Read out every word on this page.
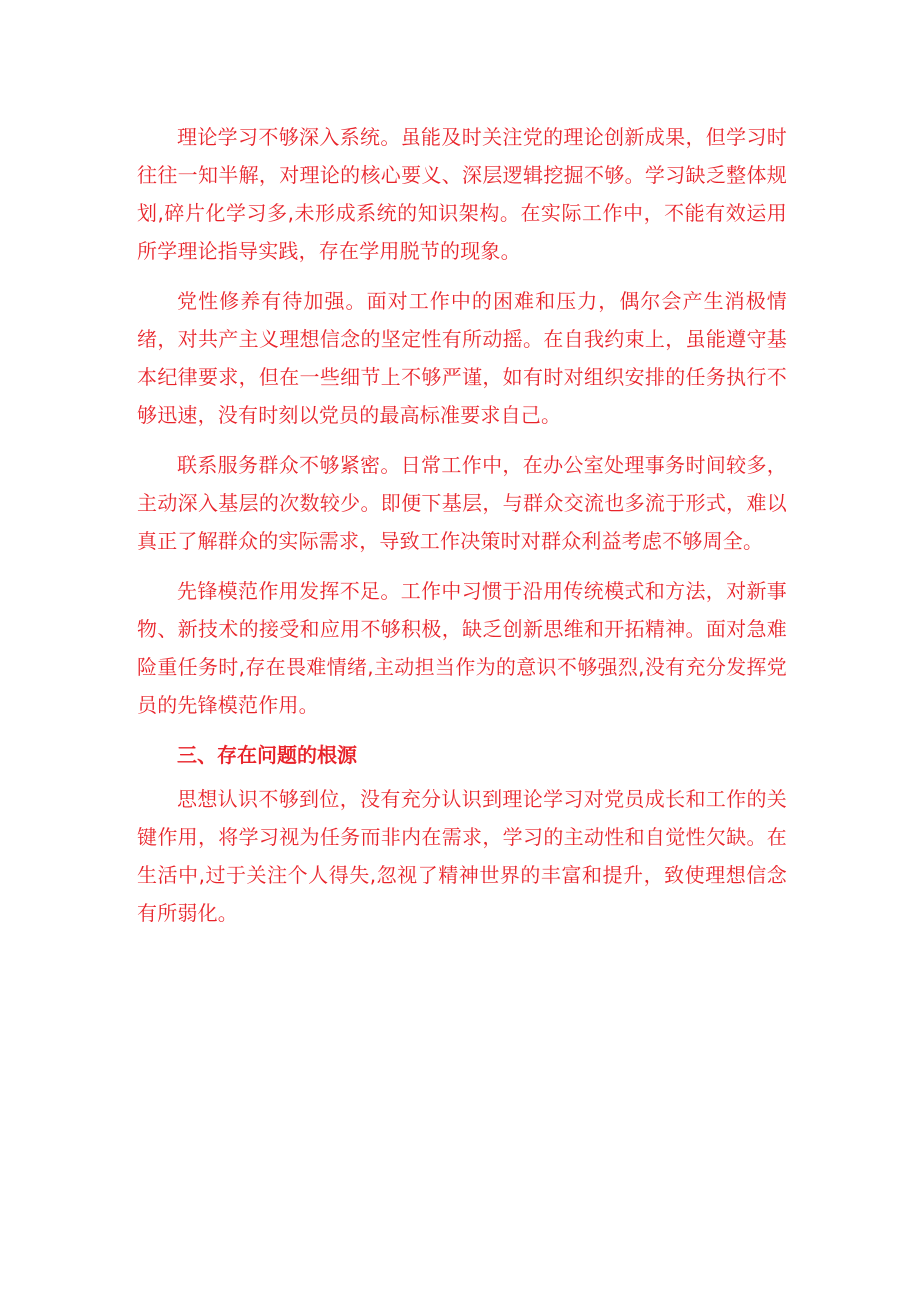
理论学习不够深入系统。虽能及时关注党的理论创新成果，但学习时往往一知半解，对理论的核心要义、深层逻辑挖掘不够。学习缺乏整体规划,碎片化学习多,未形成系统的知识架构。在实际工作中，不能有效运用所学理论指导实践，存在学用脱节的现象。

党性修养有待加强。面对工作中的困难和压力，偶尔会产生消极情绪，对共产主义理想信念的坚定性有所动摇。在自我约束上，虽能遵守基本纪律要求，但在一些细节上不够严谨，如有时对组织安排的任务执行不够迅速，没有时刻以党员的最高标准要求自己。

联系服务群众不够紧密。日常工作中，在办公室处理事务时间较多，主动深入基层的次数较少。即便下基层，与群众交流也多流于形式，难以真正了解群众的实际需求，导致工作决策时对群众利益考虑不够周全。

先锋模范作用发挥不足。工作中习惯于沿用传统模式和方法，对新事物、新技术的接受和应用不够积极，缺乏创新思维和开拓精神。面对急难险重任务时,存在畏难情绪,主动担当作为的意识不够强烈,没有充分发挥党员的先锋模范作用。

三、存在问题的根源

思想认识不够到位，没有充分认识到理论学习对党员成长和工作的关键作用，将学习视为任务而非内在需求，学习的主动性和自觉性欠缺。在生活中,过于关注个人得失,忽视了精神世界的丰富和提升，致使理想信念有所弱化。
